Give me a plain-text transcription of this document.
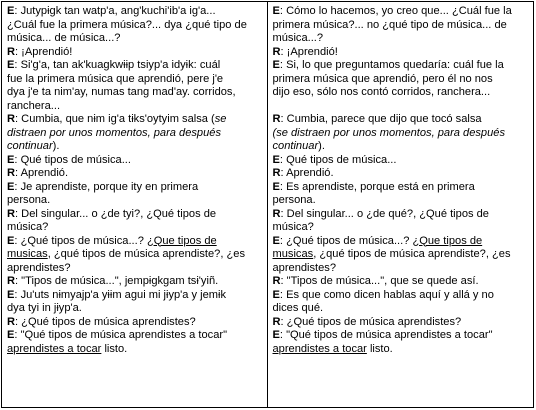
E: Jutypɨgk tan watp'a, ang'kuchi'ib'a ig'a...
¿Cuál fue la primera música?... dya ¿qué tipo de
música... de música...?
R: ¡Aprendió!
E: Si'g'a, tan ak'kuagkwɨɨp tsiyp'a idyɨk: cuál
fue la primera música que aprendió, pere j'e
dya j'e ta nim'ay, numas tang mad'ay. corridos,
ranchera...
R: Cumbia, que nɨm ig'a tɨks'oytyim salsa (se
distraen por unos momentos, para después
continuar).
E: Qué tipos de música...
R: Aprendió.
E: Je aprendiste, porque ity en primera
persona.
R: Del singular... o ¿de tyi?, ¿Qué tipos de
música?
E: ¿Qué tipos de música...? ¿Que tipos de
musicas, ¿qué tipos de música aprendiste?, ¿es
aprendistes?
R: "Tipos de música...", jempɨgkgam tsɨ'yiñ.
E: Ju'uts nɨmyajp'a yɨɨm agui mi jɨyp'a y jemɨk
dya tyi in jɨyp'a.
R: ¿Qué tipos de música aprendistes?
E: "Qué tipos de música aprendistes a tocar"
aprendistes a tocar listo.
E: Cómo lo hacemos, yo creo que... ¿Cuál fue la
primera música?... no ¿qué tipo de música... de
música...?
R: ¡Aprendió!
E: Si, lo que preguntamos quedaría: cuál fue la
primera música que aprendió, pero él no nos
dijo eso, sólo nos contó corridos, ranchera...
R: Cumbia, parece que dijo que tocó salsa
(se distraen por unos momentos, para después
continuar).
E: Qué tipos de música...
R: Aprendió.
E: Es aprendiste, porque está en primera
persona.
R: Del singular... o ¿de qué?, ¿Qué tipos de
música?
E: ¿Qué tipos de música...? ¿Que tipos de
musicas, ¿qué tipos de música aprendiste?, ¿es
aprendistes?
R: "Tipos de música...", que se quede así.
E: Es que como dicen hablas aquí y allá y no
dices qué.
R: ¿Qué tipos de música aprendistes?
E: "Qué tipos de música aprendistes a tocar"
aprendistes a tocar listo.
